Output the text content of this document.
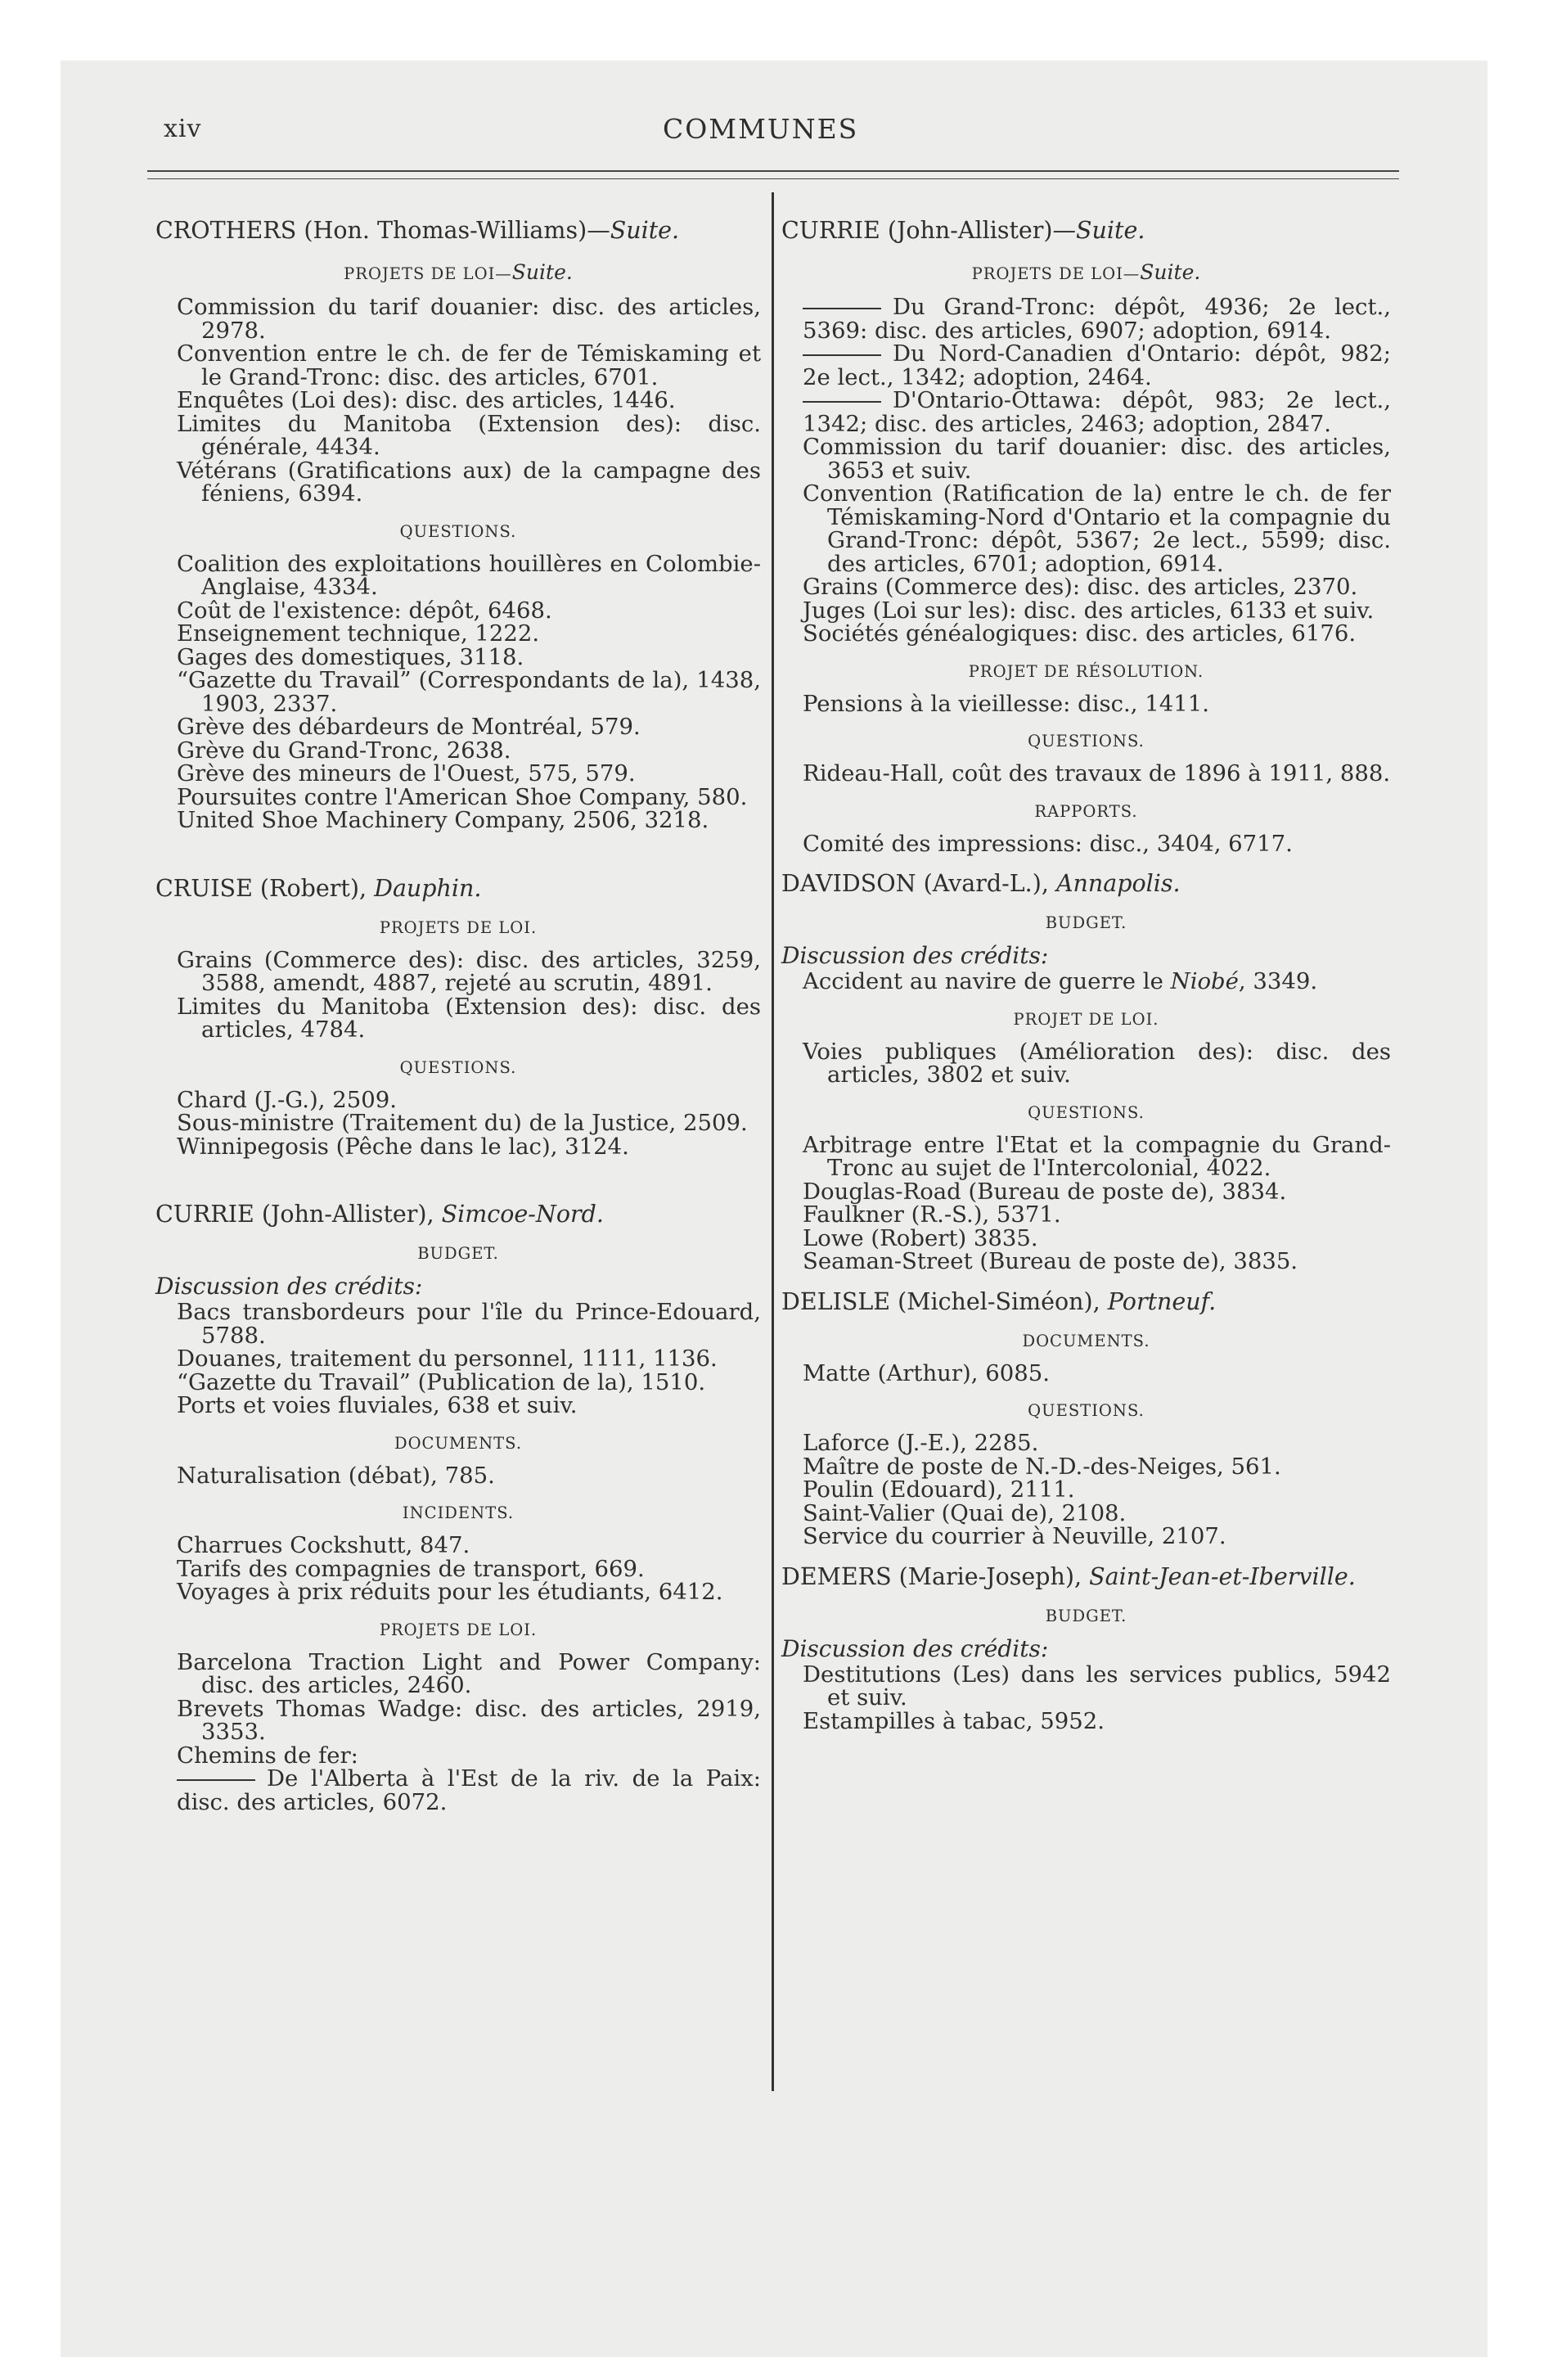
xiv	COMMUNES

CROTHERS (Hon. Thomas-Williams)—Suite.

PROJETS DE LOI—Suite.
Commission du tarif douanier: disc. des articles, 2978.
Convention entre le ch. de fer de Témiskaming et le Grand-Tronc: disc. des articles, 6701.
Enquêtes (Loi des): disc. des articles, 1446.
Limites du Manitoba (Extension des): disc. générale, 4434.
Vétérans (Gratifications aux) de la campagne des féniens, 6394.
QUESTIONS.
Coalition des exploitations houillères en Colombie-Anglaise, 4334.
Coût de l'existence: dépôt, 6468.
Enseignement technique, 1222.
Gages des domestiques, 3118.
“Gazette du Travail” (Correspondants de la), 1438, 1903, 2337.
Grève des débardeurs de Montréal, 579.
Grève du Grand-Tronc, 2638.
Grève des mineurs de l'Ouest, 575, 579.
Poursuites contre l'American Shoe Company, 580.
United Shoe Machinery Company, 2506, 3218.

CRUISE (Robert), Dauphin.

PROJETS DE LOI.
Grains (Commerce des): disc. des articles, 3259, 3588, amendt, 4887, rejeté au scrutin, 4891.
Limites du Manitoba (Extension des): disc. des articles, 4784.
QUESTIONS.
Chard (J.-G.), 2509.
Sous-ministre (Traitement du) de la Justice, 2509.
Winnipegosis (Pêche dans le lac), 3124.

CURRIE (John-Allister), Simcoe-Nord.

BUDGET.
Discussion des crédits:
Bacs transbordeurs pour l'île du Prince-Edouard, 5788.
Douanes, traitement du personnel, 1111, 1136.
“Gazette du Travail” (Publication de la), 1510.
Ports et voies fluviales, 638 et suiv.
DOCUMENTS.
Naturalisation (débat), 785.
INCIDENTS.
Charrues Cockshutt, 847.
Tarifs des compagnies de transport, 669.
Voyages à prix réduits pour les étudiants, 6412.
PROJETS DE LOI.
Barcelona Traction Light and Power Company: disc. des articles, 2460.
Brevets Thomas Wadge: disc. des articles, 2919, 3353.
Chemins de fer:
De l'Alberta à l'Est de la riv. de la Paix: disc. des articles, 6072.

CURRIE (John-Allister)—Suite.

PROJETS DE LOI—Suite.
Du Grand-Tronc: dépôt, 4936; 2e lect., 5369: disc. des articles, 6907; adoption, 6914.
Du Nord-Canadien d'Ontario: dépôt, 982; 2e lect., 1342; adoption, 2464.
D'Ontario-Ottawa: dépôt, 983; 2e lect., 1342; disc. des articles, 2463; adoption, 2847.
Commission du tarif douanier: disc. des articles, 3653 et suiv.
Convention (Ratification de la) entre le ch. de fer Témiskaming-Nord d'Ontario et la compagnie du Grand-Tronc: dépôt, 5367; 2e lect., 5599; disc. des articles, 6701; adoption, 6914.
Grains (Commerce des): disc. des articles, 2370.
Juges (Loi sur les): disc. des articles, 6133 et suiv.
Sociétés généalogiques: disc. des articles, 6176.
PROJET DE RÉSOLUTION.
Pensions à la vieillesse: disc., 1411.
QUESTIONS.
Rideau-Hall, coût des travaux de 1896 à 1911, 888.
RAPPORTS.
Comité des impressions: disc., 3404, 6717.

DAVIDSON (Avard-L.), Annapolis.

BUDGET.
Discussion des crédits:
Accident au navire de guerre le Niobé, 3349.
PROJET DE LOI.
Voies publiques (Amélioration des): disc. des articles, 3802 et suiv.
QUESTIONS.
Arbitrage entre l'Etat et la compagnie du Grand-Tronc au sujet de l'Intercolonial, 4022.
Douglas-Road (Bureau de poste de), 3834.
Faulkner (R.-S.), 5371.
Lowe (Robert) 3835.
Seaman-Street (Bureau de poste de), 3835.

DELISLE (Michel-Siméon), Portneuf.

DOCUMENTS.
Matte (Arthur), 6085.
QUESTIONS.
Laforce (J.-E.), 2285.
Maître de poste de N.-D.-des-Neiges, 561.
Poulin (Edouard), 2111.
Saint-Valier (Quai de), 2108.
Service du courrier à Neuville, 2107.

DEMERS (Marie-Joseph), Saint-Jean-et-Iberville.

BUDGET.
Discussion des crédits:
Destitutions (Les) dans les services publics, 5942 et suiv.
Estampilles à tabac, 5952.
